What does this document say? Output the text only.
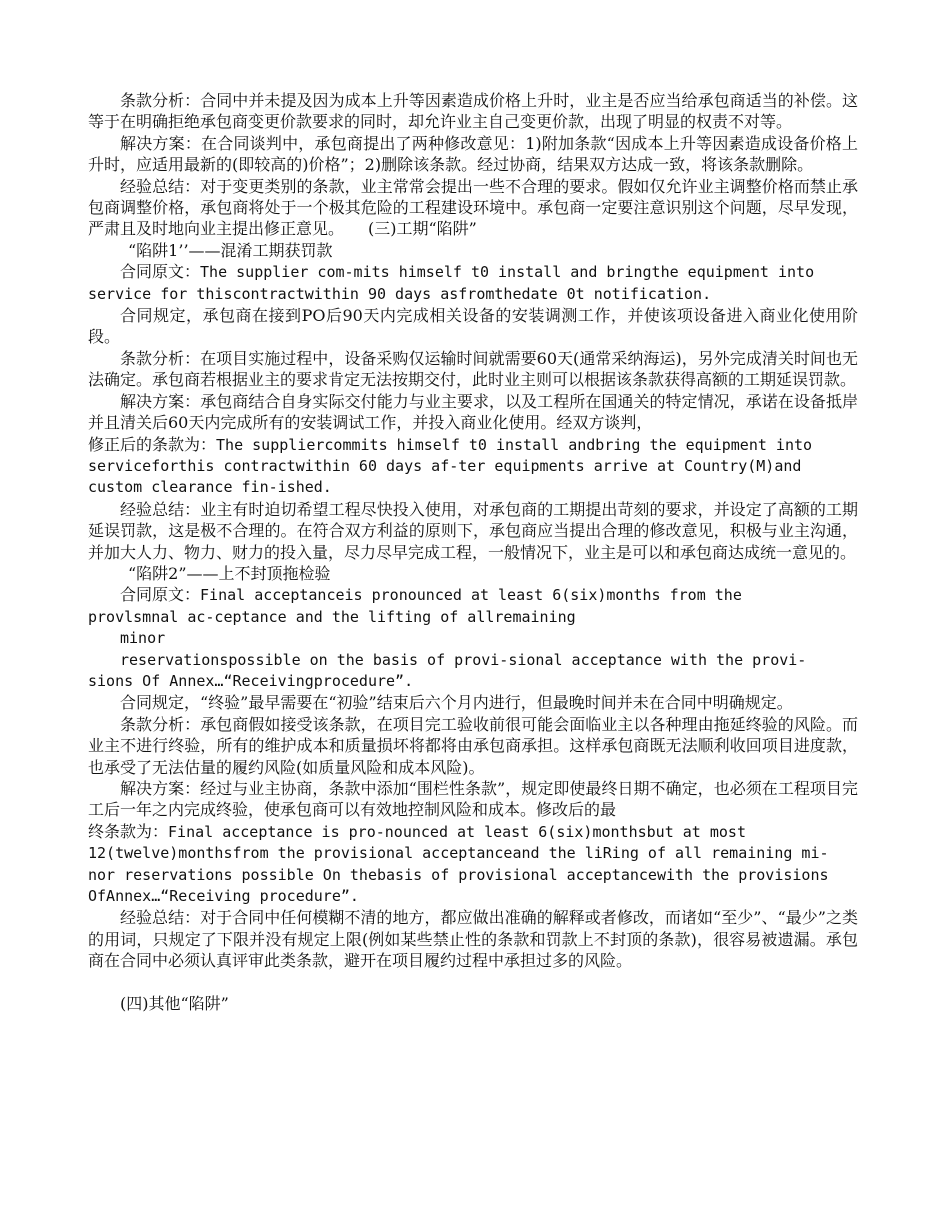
条款分析：合同中并未提及因为成本上升等因素造成价格上升时，业主是否应当给承包商适当的补偿。这等于在明确拒绝承包商变更价款要求的同时，却允许业主自己变更价款，出现了明显的权责不对等。

解决方案：在合同谈判中，承包商提出了两种修改意见：1)附加条款“因成本上升等因素造成设备价格上升时，应适用最新的(即较高的)价格”；2)删除该条款。经过协商，结果双方达成一致，将该条款删除。

经验总结：对于变更类别的条款，业主常常会提出一些不合理的要求。假如仅允许业主调整价格而禁止承包商调整价格，承包商将处于一个极其危险的工程建设环境中。承包商一定要注意识别这个问题，尽早发现，严肃且及时地向业主提出修正意见。　　(三)工期“陷阱”

“陷阱1’’——混淆工期获罚款

合同原文：The supplier com-mits himself t0 install and bringthe equipment into

service for thiscontractwithin 90 days asfromthedate 0t notification.

合同规定，承包商在接到PO后90天内完成相关设备的安装调测工作，并使该项设备进入商业化使用阶段。

条款分析：在项目实施过程中，设备采购仅运输时间就需要60天(通常采纳海运)，另外完成清关时间也无法确定。承包商若根据业主的要求肯定无法按期交付，此时业主则可以根据该条款获得高额的工期延误罚款。

解决方案：承包商结合自身实际交付能力与业主要求，以及工程所在国通关的特定情况，承诺在设备抵岸并且清关后60天内完成所有的安装调试工作，并投入商业化使用。经双方谈判，

修正后的条款为：The suppliercommits himself t0 install andbring the equipment into

serviceforthis contractwithin 60 days af-ter equipments arrive at Country(M)and

custom clearance fin-ished.

经验总结：业主有时迫切希望工程尽快投入使用，对承包商的工期提出苛刻的要求，并设定了高额的工期延误罚款，这是极不合理的。在符合双方利益的原则下，承包商应当提出合理的修改意见，积极与业主沟通，并加大人力、物力、财力的投入量，尽力尽早完成工程，一般情况下，业主是可以和承包商达成统一意见的。

“陷阱2”——上不封顶拖检验

合同原文：Final acceptanceis pronounced at least 6(six)months from the

provlsmnal ac-ceptance and the lifting of allremaining

minor

reservationspossible on the basis of provi-sional acceptance with the provi-

sions Of Annex…“Receivingprocedure”.

合同规定，“终验”最早需要在“初验”结束后六个月内进行，但最晚时间并未在合同中明确规定。

条款分析：承包商假如接受该条款，在项目完工验收前很可能会面临业主以各种理由拖延终验的风险。而业主不进行终验，所有的维护成本和质量损坏将都将由承包商承担。这样承包商既无法顺利收回项目进度款，也承受了无法估量的履约风险(如质量风险和成本风险)。

解决方案：经过与业主协商，条款中添加“围栏性条款”，规定即使最终日期不确定，也必须在工程项目完工后一年之内完成终验，使承包商可以有效地控制风险和成本。修改后的最

终条款为：Final acceptance is pro-nounced at least 6(six)monthsbut at most

12(twelve)monthsfrom the provisional acceptanceand the liRing of all remaining mi-

nor reservations possible On thebasis of provisional acceptancewith the provisions

OfAnnex…“Receiving procedure”.

经验总结：对于合同中任何模糊不清的地方，都应做出准确的解释或者修改，而诸如“至少”、“最少”之类的用词，只规定了下限并没有规定上限(例如某些禁止性的条款和罚款上不封顶的条款)，很容易被遗漏。承包商在合同中必须认真评审此类条款，避开在项目履约过程中承担过多的风险。

(四)其他“陷阱”
